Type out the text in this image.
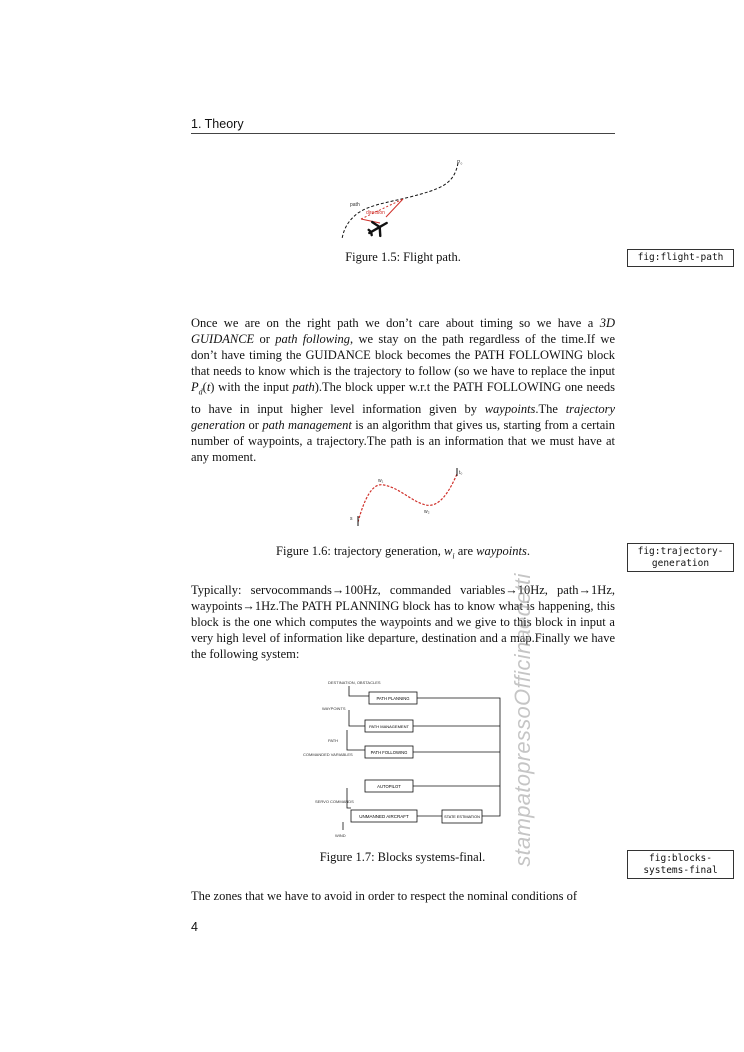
1. Theory
P₀
path
direction
Figure 1.5: Flight path.	fig:flight-path
Once we are on the right path we don’t care about timing so we have a 3D GUIDANCE or path following, we stay on the path regardless of the time.If we don’t have timing the GUIDANCE block becomes the PATH FOLLOWING block that needs to know which is the trajectory to follow (so we have to replace the input $P_d(t)$ with the input path).The block upper w.r.t the PATH FOLLOWING one needs to have in input higher level information given by waypoints.The trajectory generation or path management is an algorithm that gives us, starting from a certain number of waypoints, a trajectory.The path is an information that we must have at any moment.
w₁
w₂
t₀
s
Figure 1.6: trajectory generation, $w_i$ are waypoints.	fig:trajectory-generation
Typically: servocommands→100Hz, commanded variables→10Hz, path→1Hz, waypoints→1Hz.The PATH PLANNING block has to know what is happening, this block is the one which computes the waypoints and we give to this block in input a very high level of information like departure, destination and a map.Finally we have the following system:
DESTINATION, OBSTACLES
WAYPOINTS
PATH
COMMANDED VARIABLES
SERVO COMMANDS
WIND
PATH PLANNING
PATH MANAGEMENT
PATH FOLLOWING
AUTOPILOT
UNMANNED AIRCRAFT	STATE ESTIMATION
Figure 1.7: Blocks systems-final.	fig:blocks-systems-final
The zones that we have to avoid in order to respect the nominal conditions of
4
stampatopressoOfficinaedetti
